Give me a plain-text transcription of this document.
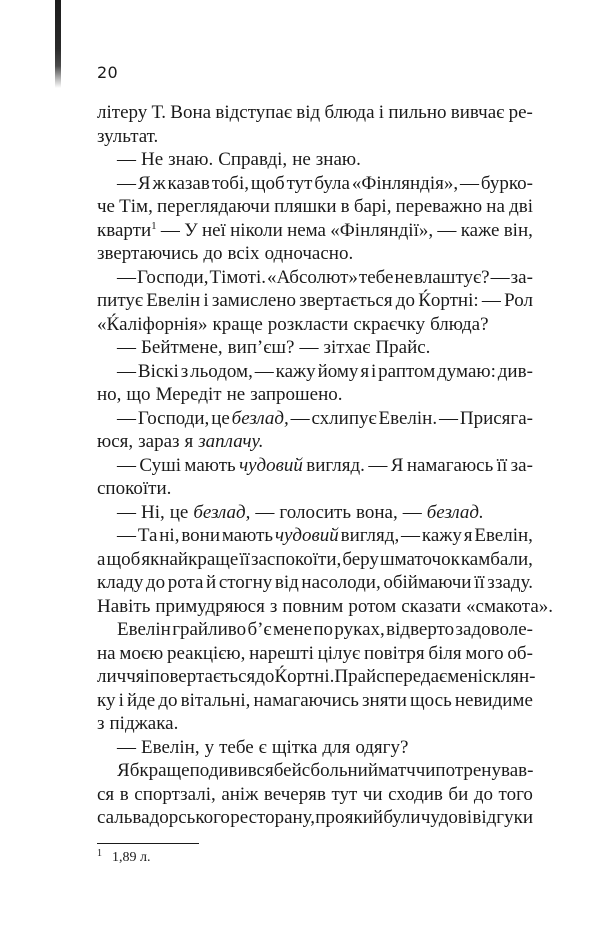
20
літеру Т. Вона відступає від блюда і пильно вивчає ре-
зультат.
— Не знаю. Справді, не знаю.
— Я ж казав тобі, щоб тут була «Фінляндія», — бурко-
че Тім, переглядаючи пляшки в барі, переважно на дві
кварти$^1$ — У неї ніколи нема «Фінляндії», — каже він,
звертаючись до всіх одночасно.
— Господи, Тімоті. «Абсолют» тебе не влаштує? — за-
питує Евелін і замислено звертається до Ќортні: — Рол
«Ќаліфорнія» краще розкласти скраєчку блюда?
— Бейтмене, вип’єш? — зітхає Прайс.
— Віскі з льодом, — кажу йому я і раптом думаю: див-
но, що Мередіт не запрошено.
— Господи, це безлад, — схлипує Евелін. — Присяга-
юся, зараз я заплачу.
— Суші мають чудовий вигляд. — Я намагаюсь її за-
спокоїти.
— Ні, це безлад, — голосить вона, — безлад.
— Та ні, вони мають чудовий вигляд, — кажу я Евелін,
а щоб якнайкраще її заспокоїти, беру шматочок камбали,
кладу до рота й стогну від насолоди, обіймаючи її ззаду.
Навіть примудряюся з повним ротом сказати «смакота».
Евелін грайливо б’є мене по руках, відверто задоволе-
на моєю реакцією, нарешті цілує повітря біля мого об-
личчя і повертається до Ќортні. Прайс передає мені склян-
ку і йде до вітальні, намагаючись зняти щось невидиме
з піджака.
— Евелін, у тебе є щітка для одягу?
Я б краще подивився бейсбольний матч чи потренував-
ся в спортзалі, аніж вечеряв тут чи сходив би до того
сальвадорського ресторану, про який були чудові відгуки
$^1$ 1,89 л.
